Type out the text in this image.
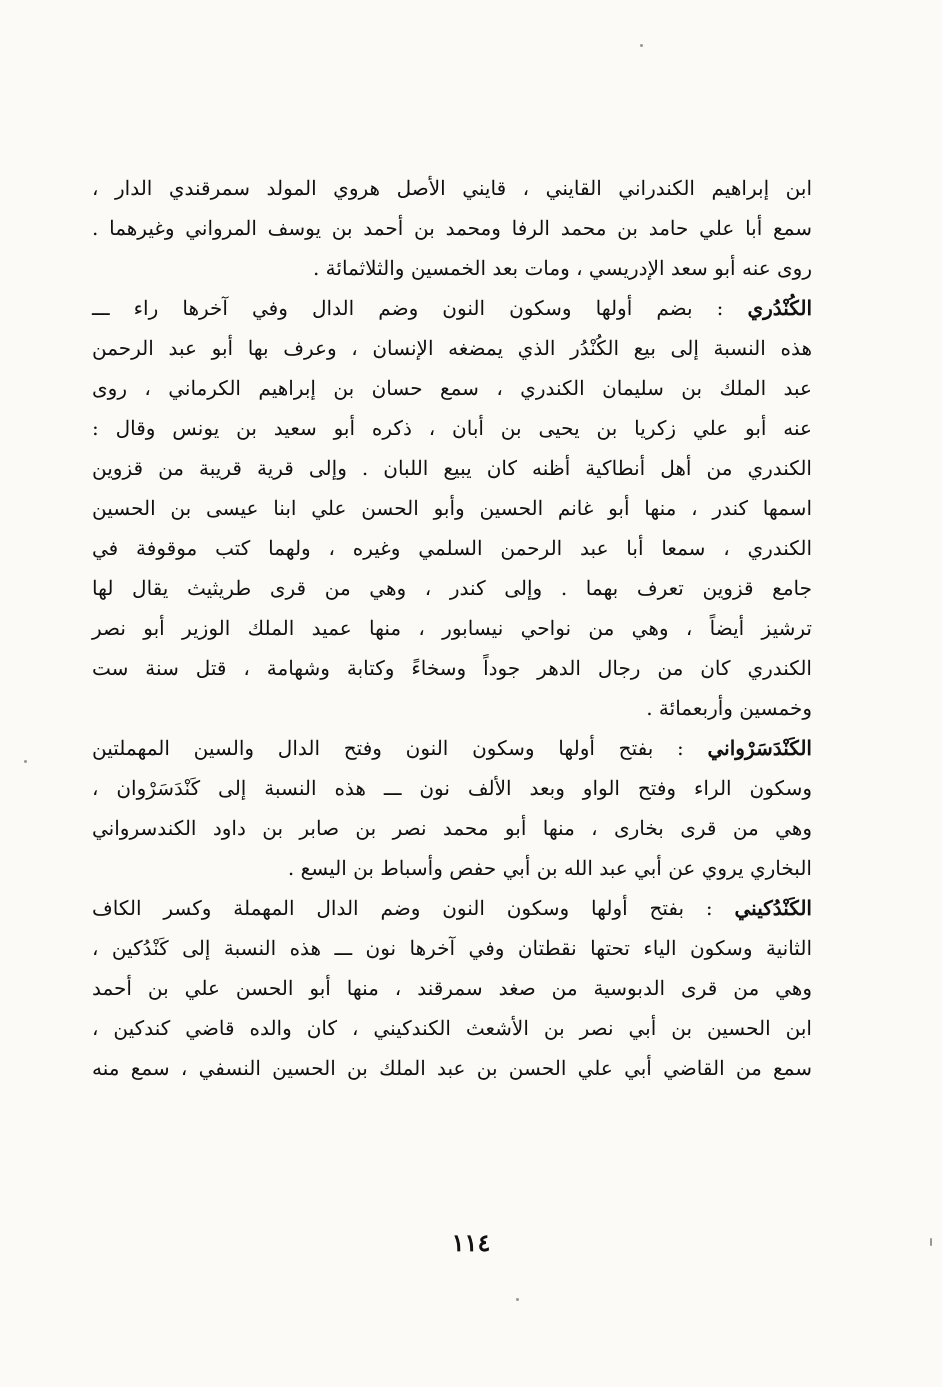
ابن إبراهيم الكندراني القايني ، قايني الأصل هروي المولد سمرقندي الدار ،
سمع أبا علي حامد بن محمد الرفا ومحمد بن أحمد بن يوسف المرواني وغيرهما .
روى عنه أبو سعد الإدريسي ، ومات بعد الخمسين والثلاثمائة .
الكُنْدُري : بضم أولها وسكون النون وضم الدال وفي آخرها راء ـــ
هذه النسبة إلى بيع الكُنْدُر الذي يمضغه الإنسان ، وعرف بها أبو عبد الرحمن
عبد الملك بن سليمان الكندري ، سمع حسان بن إبراهيم الكرماني ، روى
عنه أبو علي زكريا بن يحيى بن أبان ، ذكره أبو سعيد بن يونس وقال :
الكندري من أهل أنطاكية أظنه كان يبيع اللبان . وإلى قرية قريبة من قزوين
اسمها كندر ، منها أبو غانم الحسين وأبو الحسن علي ابنا عيسى بن الحسين
الكندري ، سمعا أبا عبد الرحمن السلمي وغيره ، ولهما كتب موقوفة في
جامع قزوين تعرف بهما . وإلى كندر ، وهي من قرى طريثيث يقال لها
ترشيز أيضاً ، وهي من نواحي نيسابور ، منها عميد الملك الوزير أبو نصر
الكندري كان من رجال الدهر جوداً وسخاءً وكتابة وشهامة ، قتل سنة ست
وخمسين وأربعمائة .
الكَنْدَسَرْواني : بفتح أولها وسكون النون وفتح الدال والسين المهملتين
وسكون الراء وفتح الواو وبعد الألف نون ـــ هذه النسبة إلى كَنْدَسَرْوان ،
وهي من قرى بخارى ، منها أبو محمد نصر بن صابر بن داود الكندسرواني
البخاري يروي عن أبي عبد الله بن أبي حفص وأسباط بن اليسع .
الكَنْدُكيني : بفتح أولها وسكون النون وضم الدال المهملة وكسر الكاف
الثانية وسكون الياء تحتها نقطتان وفي آخرها نون ـــ هذه النسبة إلى كَنْدُكين ،
وهي من قرى الدبوسية من صغد سمرقند ، منها أبو الحسن علي بن أحمد
ابن الحسين بن أبي نصر بن الأشعث الكندكيني ، كان والده قاضي كندكين ،
سمع من القاضي أبي علي الحسن بن عبد الملك بن الحسين النسفي ، سمع منه
١١٤
